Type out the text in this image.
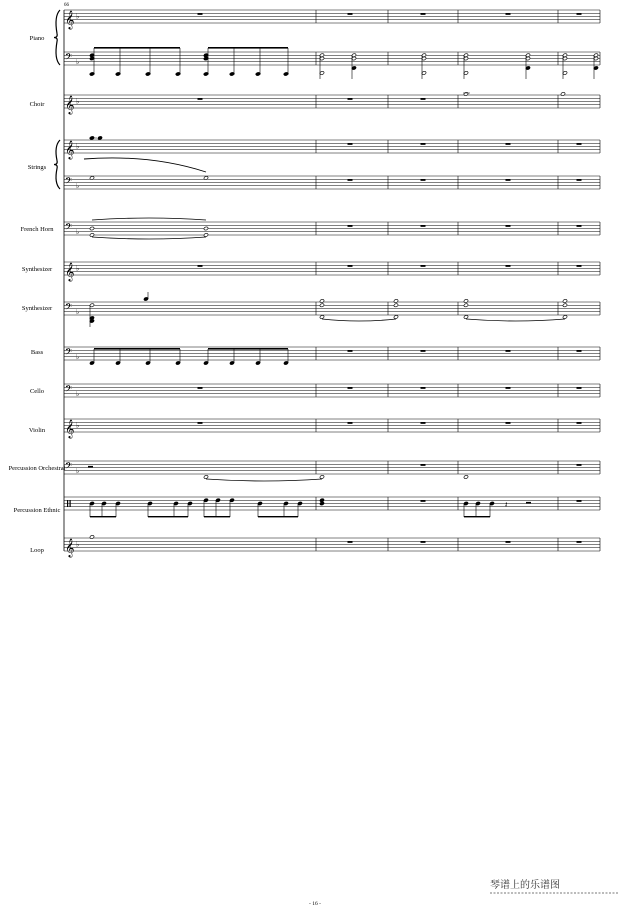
66
𝄞 ♭
𝄢 ♭
𝄞 ♭
𝄞 ♭
𝄢 ♭
𝄢 ♭
𝄞 ♭
𝄢 ♭
𝄢 ♭
𝄢 ♭
𝄞 ♭
𝄢 ♭
𝄞 ♭
Piano
Choir
Strings
French Horn
Synthesizer
Synthesizer
Bass
Cello
Violin
Percussion Orchestral
Percussion Ethnic
Loop
𝄽
- 16 -
琴谱上的乐谱图
